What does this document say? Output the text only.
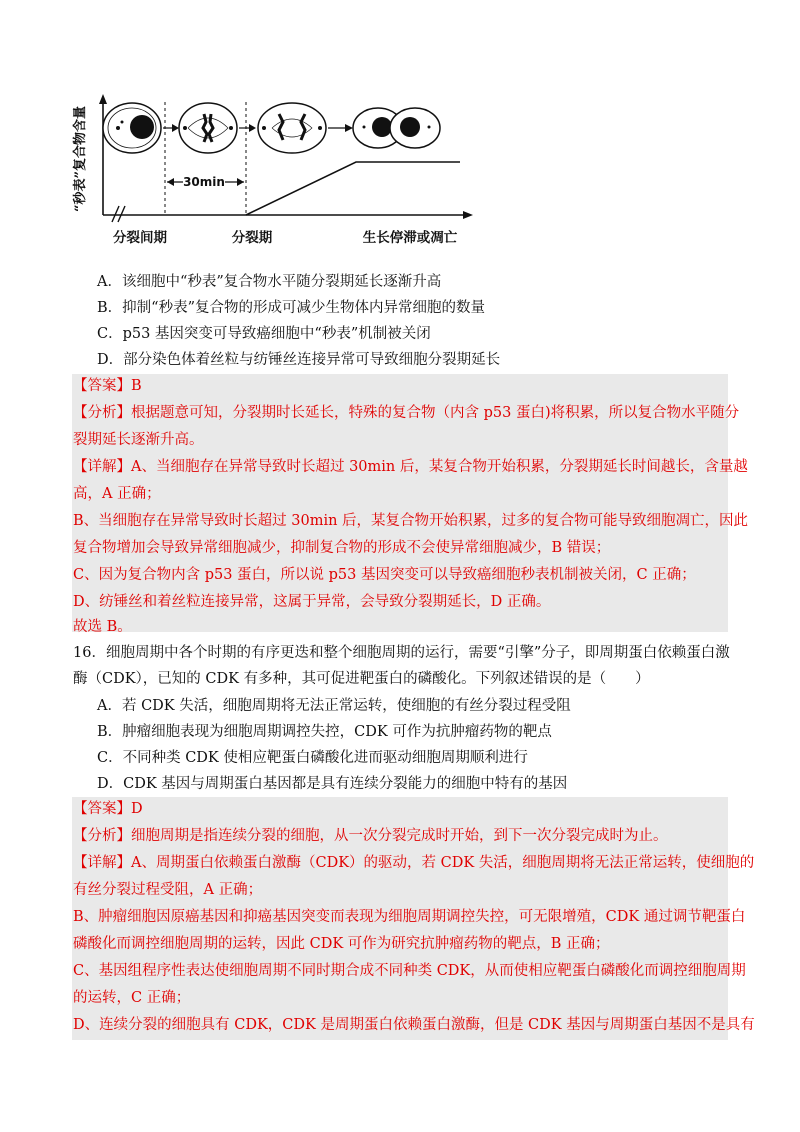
“秒表”复合物含量	30min
分裂间期	分裂期	生长停滞或凋亡
A．该细胞中“秒表”复合物水平随分裂期延长逐渐升高
B．抑制“秒表”复合物的形成可减少生物体内异常细胞的数量
C．p53 基因突变可导致癌细胞中“秒表”机制被关闭
D．部分染色体着丝粒与纺锤丝连接异常可导致细胞分裂期延长
【答案】B
【分析】根据题意可知，分裂期时长延长，特殊的复合物（内含 p53 蛋白)将积累，所以复合物水平随分
裂期延长逐渐升高。
【详解】A、当细胞存在异常导致时长超过 30min 后，某复合物开始积累，分裂期延长时间越长，含量越
高，A 正确；
B、当细胞存在异常导致时长超过 30min 后，某复合物开始积累，过多的复合物可能导致细胞凋亡，因此
复合物增加会导致异常细胞减少，抑制复合物的形成不会使异常细胞减少，B 错误；
C、因为复合物内含 p53 蛋白，所以说 p53 基因突变可以导致癌细胞秒表机制被关闭，C 正确；
D、纺锤丝和着丝粒连接异常，这属于异常，会导致分裂期延长，D 正确。
故选 B。
16．细胞周期中各个时期的有序更迭和整个细胞周期的运行，需要“引擎”分子，即周期蛋白依赖蛋白激
酶（CDK），已知的 CDK 有多种，其可促进靶蛋白的磷酸化。下列叙述错误的是（　　）
A．若 CDK 失活，细胞周期将无法正常运转，使细胞的有丝分裂过程受阻
B．肿瘤细胞表现为细胞周期调控失控，CDK 可作为抗肿瘤药物的靶点
C．不同种类 CDK 使相应靶蛋白磷酸化进而驱动细胞周期顺利进行
D．CDK 基因与周期蛋白基因都是具有连续分裂能力的细胞中特有的基因
【答案】D
【分析】细胞周期是指连续分裂的细胞，从一次分裂完成时开始，到下一次分裂完成时为止。
【详解】A、周期蛋白依赖蛋白激酶（CDK）的驱动，若 CDK 失活，细胞周期将无法正常运转，使细胞的
有丝分裂过程受阻，A 正确；
B、肿瘤细胞因原癌基因和抑癌基因突变而表现为细胞周期调控失控，可无限增殖，CDK 通过调节靶蛋白
磷酸化而调控细胞周期的运转，因此 CDK 可作为研究抗肿瘤药物的靶点，B 正确；
C、基因组程序性表达使细胞周期不同时期合成不同种类 CDK，从而使相应靶蛋白磷酸化而调控细胞周期
的运转，C 正确；
D、连续分裂的细胞具有 CDK，CDK 是周期蛋白依赖蛋白激酶，但是 CDK 基因与周期蛋白基因不是具有
